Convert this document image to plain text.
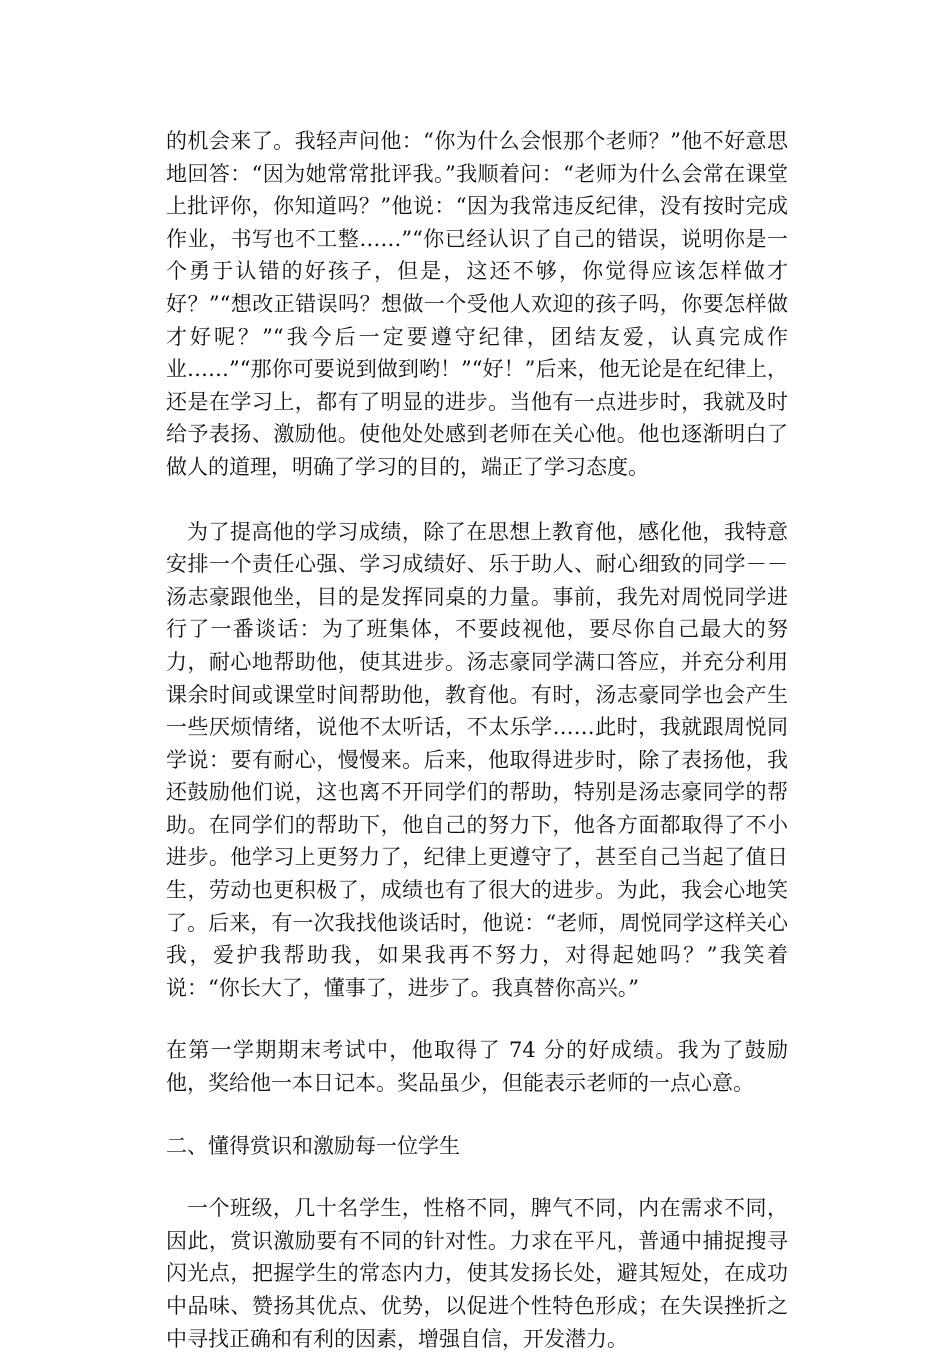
的机会来了。我轻声问他：“你为什么会恨那个老师？”他不好意思地回答：“因为她常常批评我。”我顺着问：“老师为什么会常在课堂上批评你，你知道吗？”他说：“因为我常违反纪律，没有按时完成作业，书写也不工整……”“你已经认识了自己的错误，说明你是一个勇于认错的好孩子，但是，这还不够，你觉得应该怎样做才好？”“想改正错误吗？想做一个受他人欢迎的孩子吗，你要怎样做才好呢？”“我今后一定要遵守纪律，团结友爱，认真完成作业……”“那你可要说到做到哟！”“好！”后来，他无论是在纪律上，还是在学习上，都有了明显的进步。当他有一点进步时，我就及时给予表扬、激励他。使他处处感到老师在关心他。他也逐渐明白了做人的道理，明确了学习的目的，端正了学习态度。

为了提高他的学习成绩，除了在思想上教育他，感化他，我特意安排一个责任心强、学习成绩好、乐于助人、耐心细致的同学－－汤志豪跟他坐，目的是发挥同桌的力量。事前，我先对周悦同学进行了一番谈话：为了班集体，不要歧视他，要尽你自己最大的努力，耐心地帮助他，使其进步。汤志豪同学满口答应，并充分利用课余时间或课堂时间帮助他，教育他。有时，汤志豪同学也会产生一些厌烦情绪，说他不太听话，不太乐学……此时，我就跟周悦同学说：要有耐心，慢慢来。后来，他取得进步时，除了表扬他，我还鼓励他们说，这也离不开同学们的帮助，特别是汤志豪同学的帮助。在同学们的帮助下，他自己的努力下，他各方面都取得了不小进步。他学习上更努力了，纪律上更遵守了，甚至自己当起了值日生，劳动也更积极了，成绩也有了很大的进步。为此，我会心地笑了。后来，有一次我找他谈话时，他说：“老师，周悦同学这样关心我，爱护我帮助我，如果我再不努力，对得起她吗？”我笑着说：“你长大了，懂事了，进步了。我真替你高兴。”

在第一学期期末考试中，他取得了 74 分的好成绩。我为了鼓励他，奖给他一本日记本。奖品虽少，但能表示老师的一点心意。

二、懂得赏识和激励每一位学生

一个班级，几十名学生，性格不同，脾气不同，内在需求不同，因此，赏识激励要有不同的针对性。力求在平凡，普通中捕捉搜寻闪光点，把握学生的常态内力，使其发扬长处，避其短处，在成功中品味、赞扬其优点、优势，以促进个性特色形成；在失误挫折之中寻找正确和有利的因素，增强自信，开发潜力。
